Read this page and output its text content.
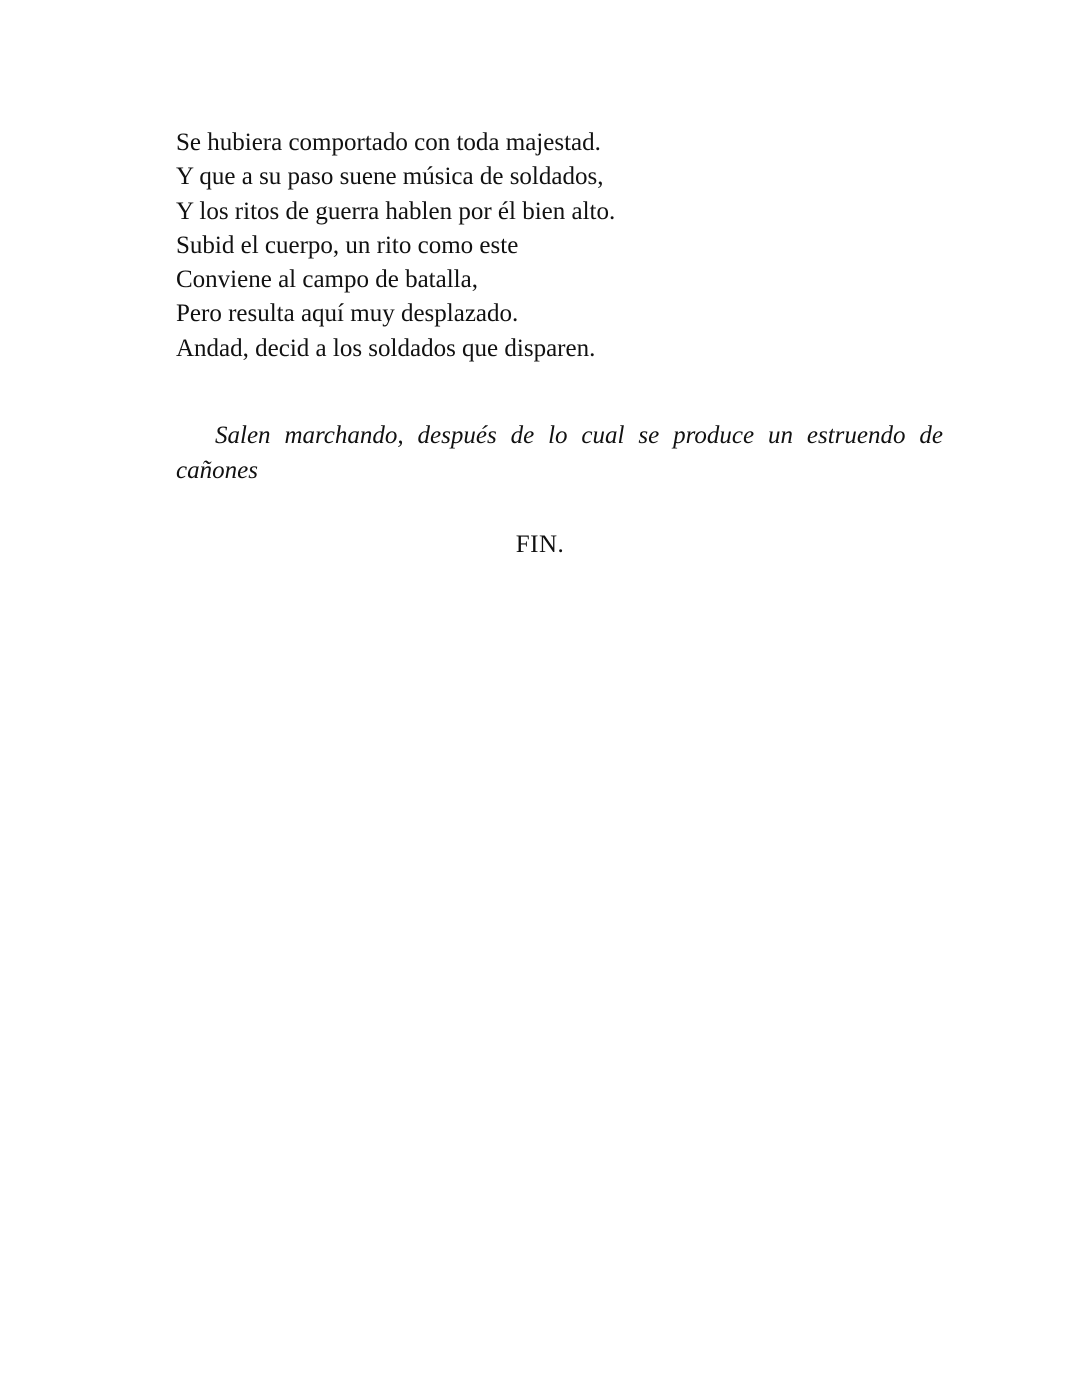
Se hubiera comportado con toda majestad.
Y que a su paso suene música de soldados,
Y los ritos de guerra hablen por él bien alto.
Subid el cuerpo, un rito como este
Conviene al campo de batalla,
Pero resulta aquí muy desplazado.
Andad, decid a los soldados que disparen.

Salen marchando, después de lo cual se produce un estruendo de cañones

FIN.
